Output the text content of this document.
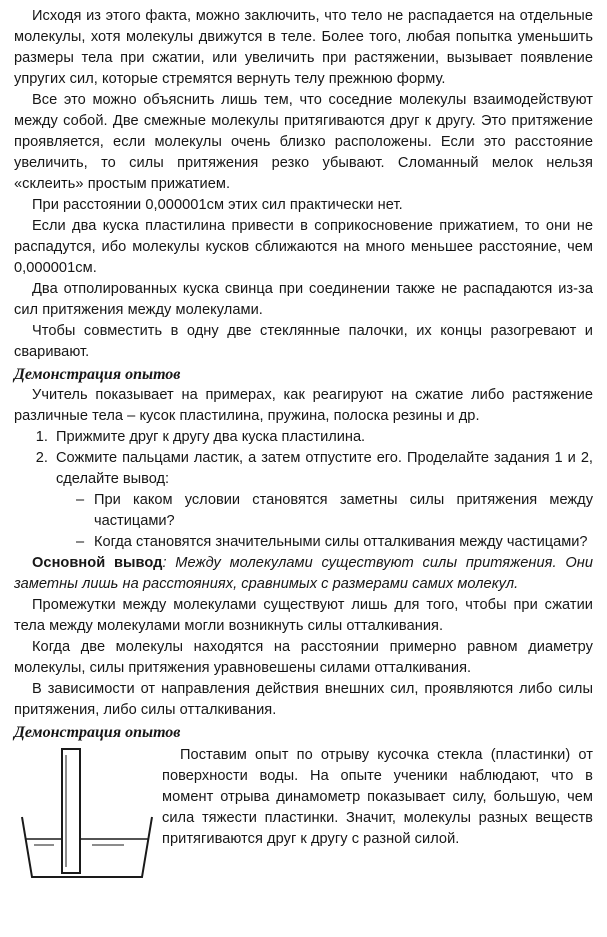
Исходя из этого факта, можно заключить, что тело не распадается на отдельные молекулы, хотя молекулы движутся в теле. Более того, любая попытка уменьшить размеры тела при сжатии, или увеличить при растяжении, вызывает появление упругих сил, которые стремятся вернуть телу прежнюю форму.

Все это можно объяснить лишь тем, что соседние молекулы взаимодействуют между собой. Две смежные молекулы притягиваются друг к другу. Это притяжение проявляется, если молекулы очень близко расположены. Если это расстояние увеличить, то силы притяжения резко убывают. Сломанный мелок нельзя «склеить» простым прижатием.

При расстоянии 0,000001см этих сил практически нет.

Если два куска пластилина привести в соприкосновение прижатием, то они не распадутся, ибо молекулы кусков сближаются на много меньшее расстояние, чем 0,000001см.

Два отполированных куска свинца при соединении также не распадаются из-за сил притяжения между молекулами.

Чтобы совместить в одну две стеклянные палочки, их концы разогревают и сваривают.

Демонстрация опытов

Учитель показывает на примерах, как реагируют на сжатие либо растяжение различные тела – кусок пластилина, пружина, полоска резины и др.

1. Прижмите друг к другу два куска пластилина.
2. Сожмите пальцами ластик, а затем отпустите его. Проделайте задания 1 и 2, сделайте вывод:
– При каком условии становятся заметны силы притяжения между частицами?
– Когда становятся значительными силы отталкивания между частицами?

Основной вывод: Между молекулами существуют силы притяжения. Они заметны лишь на расстояниях, сравнимых с размерами самих молекул.

Промежутки между молекулами существуют лишь для того, чтобы при сжатии тела между молекулами могли возникнуть силы отталкивания.

Когда две молекулы находятся на расстоянии примерно равном диаметру молекулы, силы притяжения уравновешены силами отталкивания.

В зависимости от направления действия внешних сил, проявляются либо силы притяжения, либо силы отталкивания.

Демонстрация опытов

Поставим опыт по отрыву кусочка стекла (пластинки) от поверхности воды. На опыте ученики наблюдают, что в момент отрыва динамометр показывает силу, большую, чем сила тяжести пластинки. Значит, молекулы разных веществ притягиваются друг к другу с разной силой.
